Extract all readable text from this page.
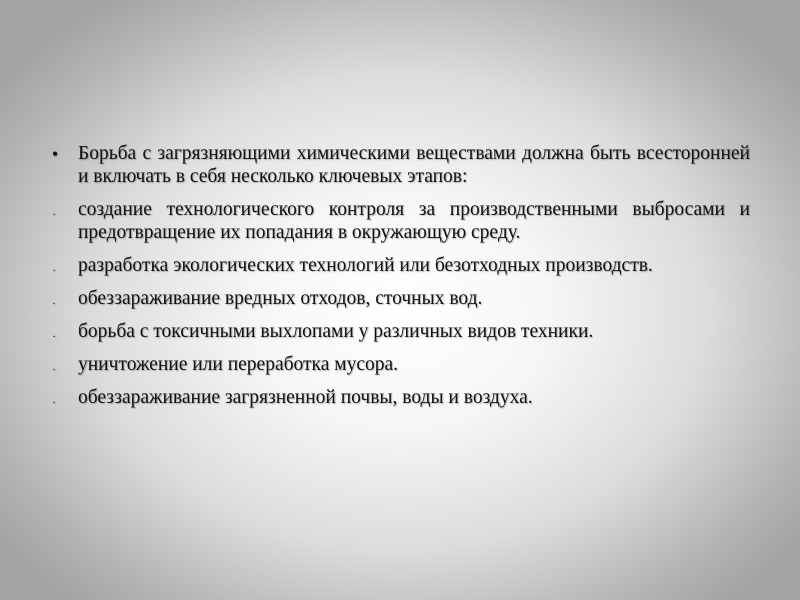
• Борьба с загрязняющими химическими веществами должна быть всесторонней и включать в себя несколько ключевых этапов:
· создание технологического контроля за производственными выбросами и предотвращение их попадания в окружающую среду.
· разработка экологических технологий или безотходных производств.
· обеззараживание вредных отходов, сточных вод.
· борьба с токсичными выхлопами у различных видов техники.
· уничтожение или переработка мусора.
· обеззараживание загрязненной почвы, воды и воздуха.
